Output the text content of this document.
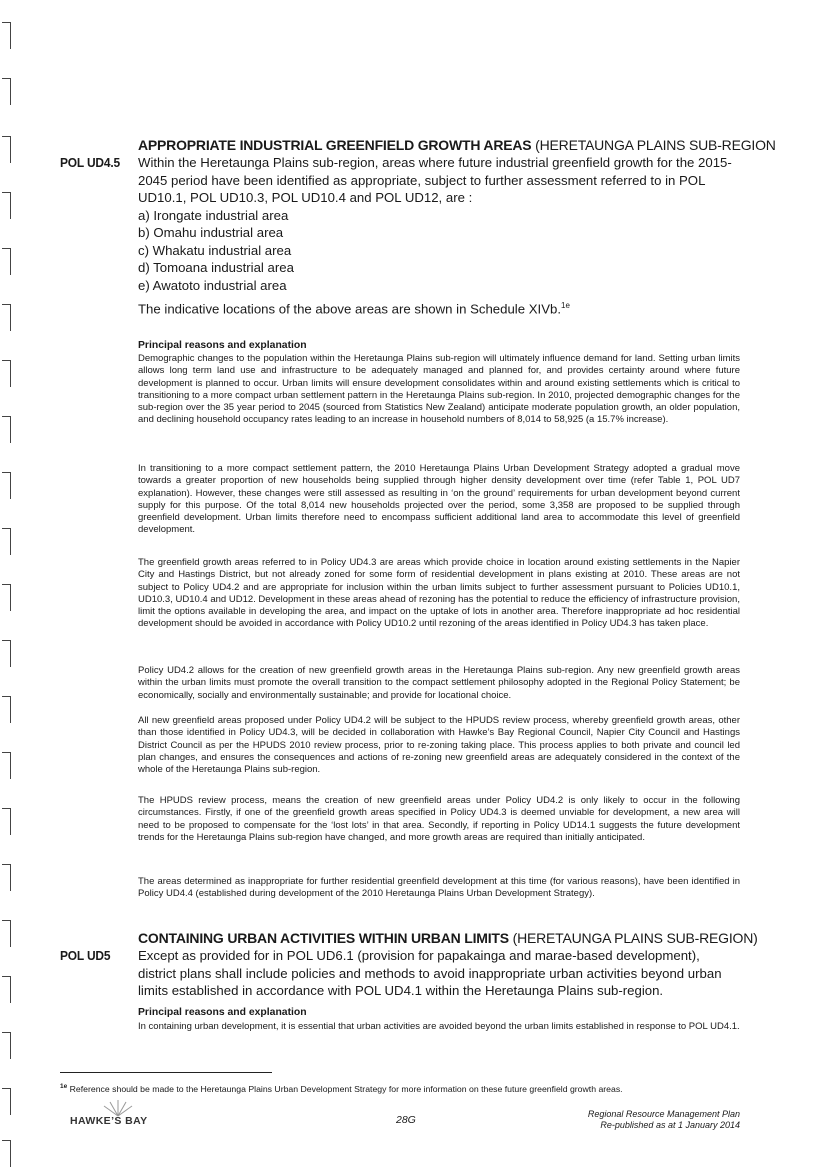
APPROPRIATE INDUSTRIAL GREENFIELD GROWTH AREAS (HERETAUNGA PLAINS SUB-REGION
POL UD4.5 Within the Heretaunga Plains sub-region, areas where future industrial greenfield growth for the 2015-2045 period have been identified as appropriate, subject to further assessment referred to in POL UD10.1, POL UD10.3, POL UD10.4 and POL UD12, are :
a) Irongate industrial area
b) Omahu industrial area
c) Whakatu industrial area
d) Tomoana industrial area
e) Awatoto industrial area
The indicative locations of the above areas are shown in Schedule XIVb.$^{1e}$
Principal reasons and explanation

Demographic changes to the population within the Heretaunga Plains sub-region will ultimately influence demand for land. Setting urban limits allows long term land use and infrastructure to be adequately managed and planned for, and provides certainty around where future development is planned to occur. Urban limits will ensure development consolidates within and around existing settlements which is critical to transitioning to a more compact urban settlement pattern in the Heretaunga Plains sub-region. In 2010, projected demographic changes for the sub-region over the 35 year period to 2045 (sourced from Statistics New Zealand) anticipate moderate population growth, an older population, and declining household occupancy rates leading to an increase in household numbers of 8,014 to 58,925 (a 15.7% increase).

In transitioning to a more compact settlement pattern, the 2010 Heretaunga Plains Urban Development Strategy adopted a gradual move towards a greater proportion of new households being supplied through higher density development over time (refer Table 1, POL UD7 explanation). However, these changes were still assessed as resulting in ‘on the ground’ requirements for urban development beyond current supply for this purpose. Of the total 8,014 new households projected over the period, some 3,358 are proposed to be supplied through greenfield development. Urban limits therefore need to encompass sufficient additional land area to accommodate this level of greenfield development.

The greenfield growth areas referred to in Policy UD4.3 are areas which provide choice in location around existing settlements in the Napier City and Hastings District, but not already zoned for some form of residential development in plans existing at 2010. These areas are not subject to Policy UD4.2 and are appropriate for inclusion within the urban limits subject to further assessment pursuant to Policies UD10.1, UD10.3, UD10.4 and UD12. Development in these areas ahead of rezoning has the potential to reduce the efficiency of infrastructure provision, limit the options available in developing the area, and impact on the uptake of lots in another area. Therefore inappropriate ad hoc residential development should be avoided in accordance with Policy UD10.2 until rezoning of the areas identified in Policy UD4.3 has taken place.

Policy UD4.2 allows for the creation of new greenfield growth areas in the Heretaunga Plains sub-region. Any new greenfield growth areas within the urban limits must promote the overall transition to the compact settlement philosophy adopted in the Regional Policy Statement; be economically, socially and environmentally sustainable; and provide for locational choice.

All new greenfield areas proposed under Policy UD4.2 will be subject to the HPUDS review process, whereby greenfield growth areas, other than those identified in Policy UD4.3, will be decided in collaboration with Hawke’s Bay Regional Council, Napier City Council and Hastings District Council as per the HPUDS 2010 review process, prior to re-zoning taking place. This process applies to both private and council led plan changes, and ensures the consequences and actions of re-zoning new greenfield areas are adequately considered in the context of the whole of the Heretaunga Plains sub-region.

The HPUDS review process, means the creation of new greenfield areas under Policy UD4.2 is only likely to occur in the following circumstances. Firstly, if one of the greenfield growth areas specified in Policy UD4.3 is deemed unviable for development, a new area will need to be proposed to compensate for the ‘lost lots’ in that area. Secondly, if reporting in Policy UD14.1 suggests the future development trends for the Heretaunga Plains sub-region have changed, and more growth areas are required than initially anticipated.

The areas determined as inappropriate for further residential greenfield development at this time (for various reasons), have been identified in Policy UD4.4 (established during development of the 2010 Heretaunga Plains Urban Development Strategy).

CONTAINING URBAN ACTIVITIES WITHIN URBAN LIMITS (HERETAUNGA PLAINS SUB-REGION)
POL UD5 Except as provided for in POL UD6.1 (provision for papakainga and marae-based development), district plans shall include policies and methods to avoid inappropriate urban activities beyond urban limits established in accordance with POL UD4.1 within the Heretaunga Plains sub-region.
Principal reasons and explanation

In containing urban development, it is essential that urban activities are avoided beyond the urban limits established in response to POL UD4.1.

$^{1e}$ Reference should be made to the Heretaunga Plains Urban Development Strategy for more information on these future greenfield growth areas.
HAWKE’S BAY	28G	Regional Resource Management Plan
Re-published as at 1 January 2014
